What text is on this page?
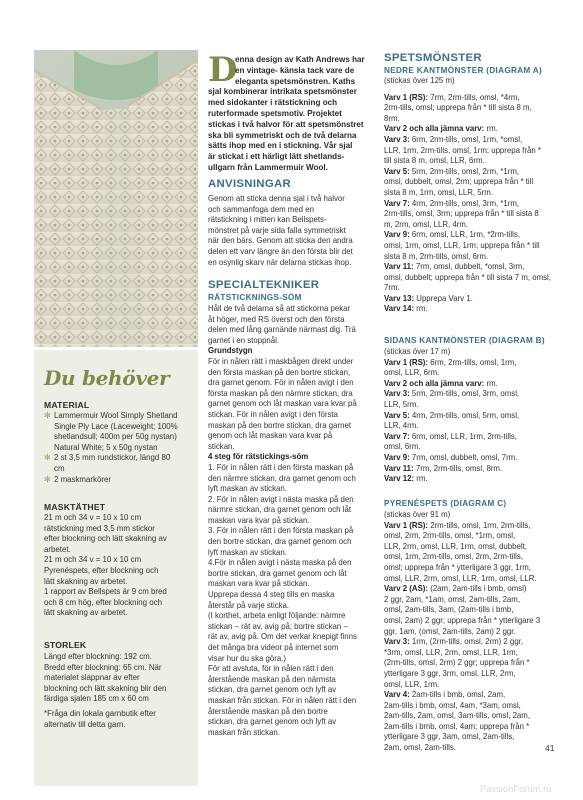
Du behöver
MATERIAL
✻ Lammermuir Wool Simply Shetland
Single Ply Lace (Laceweight; 100%
shetlandsull; 400m per 50g nystan)
Natural White; 5 x 50g nystan
✻ 2 st 3,5 mm rundstickor, längd 80
cm
✻ 2 maskmarkörer
MASKTÄTHET
21 m och 34 v = 10 x 10 cm
rätstickning med 3,5 mm stickor
efter blockning och lätt skakning av
arbetet.
21 m och 34 v = 10 x 10 cm
Pyrenéspets, efter blockning och
lätt skakning av arbetet.
1 rapport av Bellspets är 9 cm bred
och 8 cm hög, efter blockning och
lätt skakning av arbetet.
STORLEK
Längd efter blockning: 192 cm.
Bredd efter blockning: 65 cm. När
materialet slappnar av efter
blockning och lätt skakning blir den
färdiga sjalen 185 cm x 60 cm
*Fråga din lokala garnbutik efter
alternativ till detta garn.
D
enna design av Kath Andrews har
en vintage- känsla tack vare de
eleganta spetsmönstren. Kaths
sjal kombinerar intrikata spetsmönster
med sidokanter i rätstickning och
ruterformade spetsmotiv. Projektet
stickas i två halvor för att spetsmönstret
ska bli symmetriskt och de två delarna
sätts ihop med en i stickning. Vår sjal
är stickat i ett härligt lätt shetlands-
ullgarn från Lammermuir Wool.
ANVISNINGAR
Genom att sticka denna sjal i två halvor
och sammanfoga dem med en
rätstickning i mitten kan Bellspets-
mönstret på varje sida falla symmetriskt
när den bärs. Genom att sticka den andra
delen ett varv längre än den första blir det
en osynlig skarv när delarna stickas ihop.
SPECIALTEKNIKER
RÄTSTICKNINGS-SÖM
Håll de två delarna så att stickorna pekar
åt höger, med RS överst och den första
delen med lång garnände närmast dig. Trä
garnet i en stoppnål.
Grundstygn
För in nålen rätt i maskbågen direkt under
den första maskan på den bortre stickan,
dra garnet genom. För in nålen avigt i den
första maskan på den närmre stickan, dra
garnet genom och låt maskan vara kvar på
stickan. För in nålen avigt i den första
maskan på den bortre stickan, dra garnet
genom och låt maskan vara kvar på
stickan.
4 steg för rätstickings-söm
1. För in nålen rätt i den första maskan på
den närmre stickan, dra garnet genom och
lyft maskan av stickan.
2. För in nålen avigt i nästa maska på den
närmre stickan, dra garnet genom och låt
maskan vara kvar på stickan.
3. För in nålen rätt i den första maskan på
den bortre stickan, dra garnet genom och
lyft maskan av stickan.
4.För in nålen avigt i nästa maska på den
bortre stickan, dra garnet genom och låt
maskan vara kvar på stickan.
Upprepa dessa 4 steg tills en maska
återstår på varje sticka.
(I korthet, arbeta enligt följande: närmre
stickan – rät av, avig på; bortre stickan –
rät av, avig på. Om det verkar knepigt finns
det många bra videor på internet som
visar hur du ska göra.)
För att avsluta, för in nålen rätt i den
återstående maskan på den närmsta
stickan, dra garnet genom och lyft av
maskan från stickan. För in nålen rätt i den
återstående maskan på den bortre
stickan, dra garnet genom och lyft av
maskan från stickan.
SPETSMÖNSTER
NEDRE KANTMÖNSTER (DIAGRAM A)
(stickas över 125 m)
Varv 1 (RS): 7rm, 2rm-tills, omsl, *4rm,
2rm-tills, omsl; upprepa från * till sista 8 m,
8rm.
Varv 2 och alla jämna varv: rm.
Varv 3: 6rm, 2rm-tills, omsl, 1rm, *omsl,
LLR, 1rm, 2rm-tills, omsl, 1rm; upprepa från *
till sista 8 m, omsl, LLR, 6rm.
Varv 5: 5rm, 2rm-tills, omsl, 2rm, *1rm,
omsl, dubbelt, omsl, 2rm; upprepa från * till
sista 8 m, 1rm, omsl, LLR, 5rm.
Varv 7: 4rm, 2rm-tills, omsl, 3rm, *1rm,
2rm-tills, omsl, 3rm; upprepa från * till sista 8
m, 2rm, omsl, LLR, 4rm.
Varv 9: 6rm, omsl, LLR, 1rm, *2rm-tills,
omsl, 1rm, omsl, LLR, 1rm; upprepa från * till
sista 8 m, 2rm-tills, omsl, 6rm.
Varv 11: 7rm, omsl, dubbelt, *omsl, 3rm,
omsl, dubbelt; upprepa från * till sista 7 m, omsl,
7rm.
Varv 13: Upprepa Varv 1.
Varv 14: rm.
SIDANS KANTMÖNSTER (DIAGRAM B)
(stickas över 17 m)
Varv 1 (RS): 6rm, 2rm-tills, omsl, 1rm,
omsl, LLR, 6rm.
Varv 2 och alla jämna varv: rm.
Varv 3: 5rm, 2rm-tills, omsl, 3rm, omsl,
LLR, 5rm.
Varv 5: 4rm, 2rm-tills, omsl, 5rm, omsl,
LLR, 4rm.
Varv 7: 6rm, omsl, LLR, 1rm, 2rm-tills,
omsl, 6rm.
Varv 9: 7rm, omsl, dubbelt, omsl, 7rm.
Varv 11: 7rm, 2rm-tills, omsl, 8rm.
Varv 12: rm.
PYRENÉSPETS (DIAGRAM C)
(stickas över 91 m)
Varv 1 (RS): 2rm-tills, omsl, 1rm, 2rm-tills,
omsl, 2rm, 2rm-tills, omsl, *1rm, omsl,
LLR, 2rm, omsl, LLR, 1rm, omsl, dubbelt,
omsl, 1rm, 2rm-tills, omsl, 2rm, 2rm-tills,
omsl; upprepa från * ytterligare 3 ggr, 1rm,
omsl, LLR, 2rm, omsl, LLR, 1rm, omsl, LLR.
Varv 2 (AS): (2am, 2am-tills i bmb, omsl)
2 ggr, 2am, *1am, omsl, 2am-tills, 2am,
omsl, 2am-tills, 3am, (2am-tills i bmb,
omsl, 2am) 2 ggr; upprepa från * ytterligare 3
ggr, 1am, (omsl, 2am-tills, 2am) 2 ggr.
Varv 3: 1rm, (2rm-tills, omsl, 2rm) 2 ggr,
*3rm, omsl, LLR, 2rm, omsl, LLR, 1rm,
(2rm-tills, omsl, 2rm) 2 ggr; upprepa från *
ytterligare 3 ggr, 3rm, omsl, LLR, 2rm,
omsl, LLR, 1rm.
Varv 4: 2am-tills i bmb, omsl, 2am,
2am-tills i bmb, omsl, 4am, *3am, omsl,
2am-tills, 2am, omsl, 3am-tills, omsl, 2am,
2am-tills i bmb, omsl, 4am; upprepa från *
ytterligare 3 ggr, 3am, omsl, 2am-tills,
2am, omsl, 2am-tills.	41
PassionForum.ru
